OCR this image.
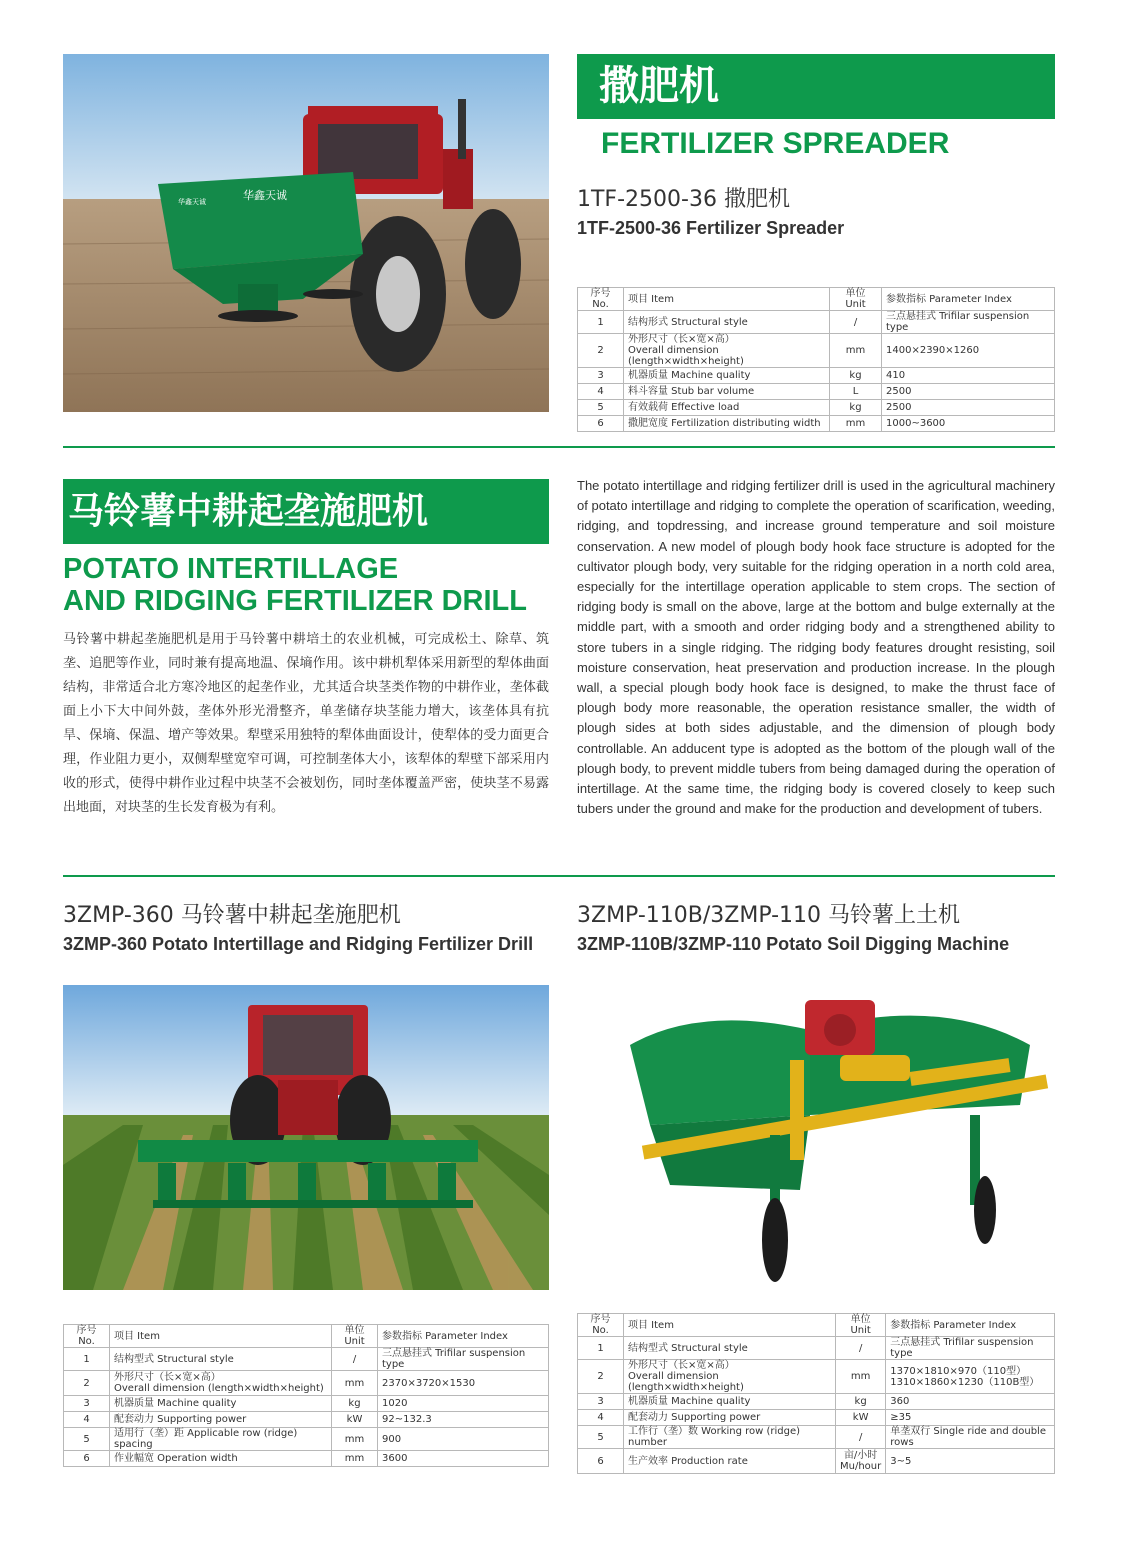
华鑫天诚
华鑫天诚
撒肥机
FERTILIZER SPREADER
1TF-2500-36 撒肥机
1TF-2500-36 Fertilizer Spreader
序号 No.	项目 Item	单位 Unit	参数指标 Parameter Index
1	结构形式 Structural style	/	三点悬挂式 Trifilar suspension type
2	外形尺寸（长×宽×高）
Overall dimension (length×width×height)	mm	1400×2390×1260
3	机器质量 Machine quality	kg	410
4	料斗容量 Stub bar volume	L	2500
5	有效载荷 Effective load	kg	2500
6	撒肥宽度 Fertilization distributing width	mm	1000~3600
马铃薯中耕起垄施肥机
POTATO INTERTILLAGE
AND RIDGING FERTILIZER DRILL
马铃薯中耕起垄施肥机是用于马铃薯中耕培土的农业机械，可完成松土、除草、筑垄、追肥等作业，同时兼有提高地温、保墒作用。该中耕机犁体采用新型的犁体曲面结构，非常适合北方寒冷地区的起垄作业，尤其适合块茎类作物的中耕作业，垄体截面上小下大中间外鼓，垄体外形光滑整齐，单垄储存块茎能力增大，该垄体具有抗旱、保墒、保温、增产等效果。犁壁采用独特的犁体曲面设计，使犁体的受力面更合理，作业阻力更小，双侧犁壁宽窄可调，可控制垄体大小，该犁体的犁壁下部采用内收的形式，使得中耕作业过程中块茎不会被划伤，同时垄体覆盖严密，使块茎不易露出地面，对块茎的生长发育极为有利。
The potato intertillage and ridging fertilizer drill is used in the agricultural machinery of potato intertillage and ridging to complete the operation of scarification, weeding, ridging, and topdressing, and increase ground temperature and soil moisture conservation. A new model of plough body hook face structure is adopted for the cultivator plough body, very suitable for the ridging operation in a north cold area, especially for the intertillage operation applicable to stem crops. The section of ridging body is small on the above, large at the bottom and bulge externally at the middle part, with a smooth and order ridging body and a strengthened ability to store tubers in a single ridging. The ridging body features drought resisting, soil moisture conservation, heat preservation and production increase. In the plough wall, a special plough body hook face is designed, to make the thrust face of plough body more reasonable, the operation resistance smaller, the width of plough sides at both sides adjustable, and the dimension of plough body controllable. An adducent type is adopted as the bottom of the plough wall of the plough body, to prevent middle tubers from being damaged during the operation of intertillage. At the same time, the ridging body is covered closely to keep such tubers under the ground and make for the production and development of tubers.
3ZMP-360 马铃薯中耕起垄施肥机
3ZMP-360 Potato Intertillage and Ridging Fertilizer Drill
序号 No.	项目 Item	单位 Unit	参数指标 Parameter Index
1	结构型式 Structural style	/	三点悬挂式 Trifilar suspension type
2	外形尺寸（长×宽×高）
Overall dimension (length×width×height)	mm	2370×3720×1530
3	机器质量 Machine quality	kg	1020
4	配套动力 Supporting power	kW	92~132.3
5	适用行（垄）距 Applicable row (ridge) spacing	mm	900
6	作业幅宽 Operation width	mm	3600
3ZMP-110B/3ZMP-110 马铃薯上土机
3ZMP-110B/3ZMP-110 Potato Soil Digging Machine
序号 No.	项目 Item	单位 Unit	参数指标 Parameter Index
1	结构型式 Structural style	/	三点悬挂式 Trifilar suspension type
2	外形尺寸（长×宽×高）
Overall dimension (length×width×height)	mm	1370×1810×970（110型）
1310×1860×1230（110B型）
3	机器质量 Machine quality	kg	360
4	配套动力 Supporting power	kW	≥35
5	工作行（垄）数 Working row (ridge) number	/	单垄双行 Single ride and double rows
6	生产效率 Production rate	亩/小时
Mu/hour	3~5
